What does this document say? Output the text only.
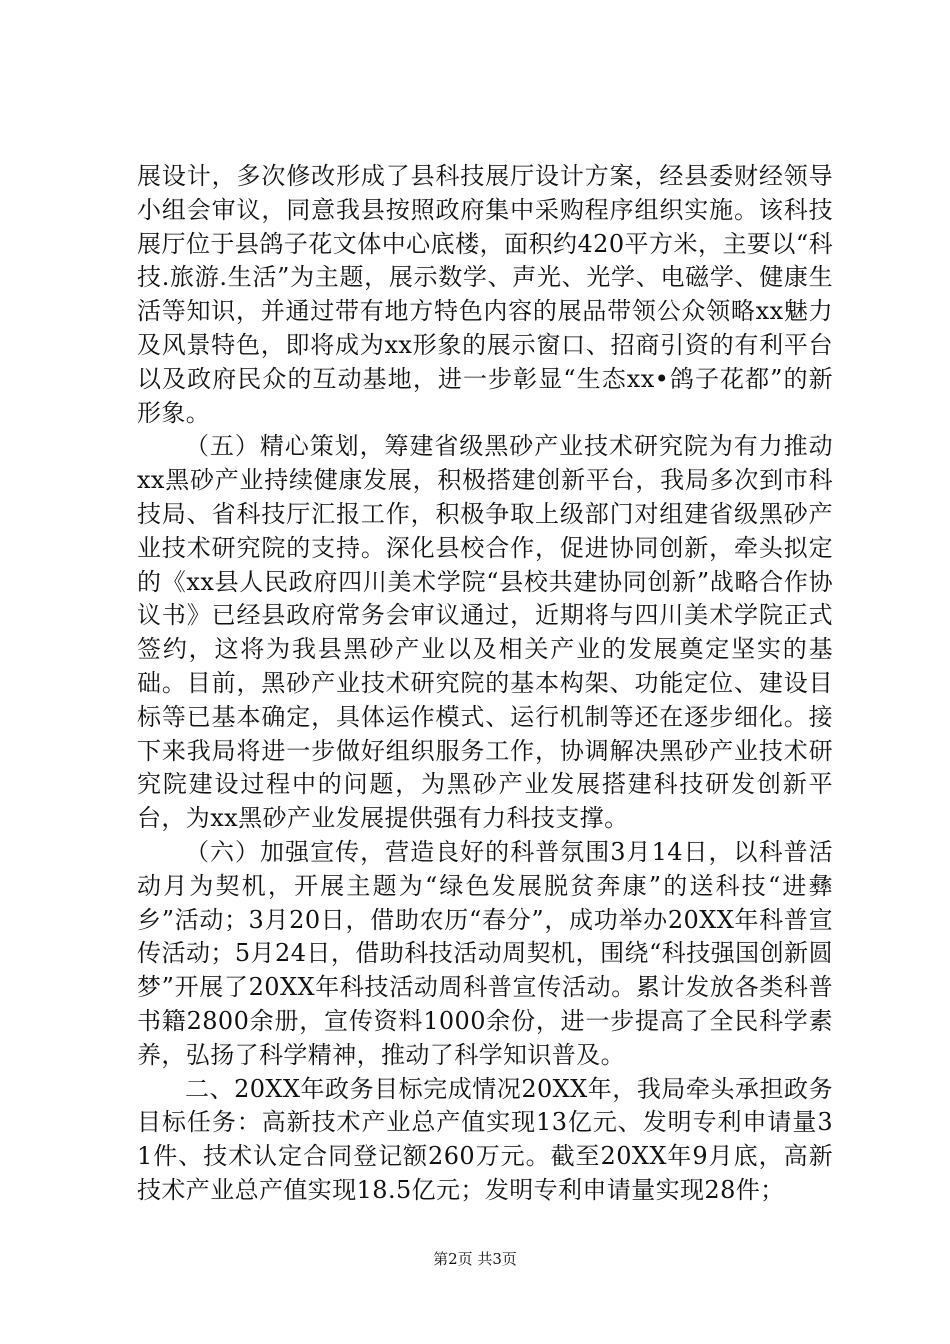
展设计，多次修改形成了县科技展厅设计方案，经县委财经领导小组会审议，同意我县按照政府集中采购程序组织实施。该科技展厅位于县鸽子花文体中心底楼，面积约420平方米，主要以“科技.旅游.生活”为主题，展示数学、声光、光学、电磁学、健康生活等知识，并通过带有地方特色内容的展品带领公众领略xx魅力及风景特色，即将成为xx形象的展示窗口、招商引资的有利平台以及政府民众的互动基地，进一步彰显“生态xx•鸽子花都”的新形象。

（五）精心策划，筹建省级黑砂产业技术研究院为有力推动xx黑砂产业持续健康发展，积极搭建创新平台，我局多次到市科技局、省科技厅汇报工作，积极争取上级部门对组建省级黑砂产业技术研究院的支持。深化县校合作，促进协同创新，牵头拟定的《xx县人民政府四川美术学院“县校共建协同创新”战略合作协议书》已经县政府常务会审议通过，近期将与四川美术学院正式签约，这将为我县黑砂产业以及相关产业的发展奠定坚实的基础。目前，黑砂产业技术研究院的基本构架、功能定位、建设目标等已基本确定，具体运作模式、运行机制等还在逐步细化。接下来我局将进一步做好组织服务工作，协调解决黑砂产业技术研究院建设过程中的问题，为黑砂产业发展搭建科技研发创新平台，为xx黑砂产业发展提供强有力科技支撑。

（六）加强宣传，营造良好的科普氛围3月14日，以科普活动月为契机，开展主题为“绿色发展脱贫奔康”的送科技“进彝乡”活动；3月20日，借助农历“春分”，成功举办20XX年科普宣传活动；5月24日，借助科技活动周契机，围绕“科技强国创新圆梦”开展了20XX年科技活动周科普宣传活动。累计发放各类科普书籍2800余册，宣传资料1000余份，进一步提高了全民科学素养，弘扬了科学精神，推动了科学知识普及。

二、20XX年政务目标完成情况20XX年，我局牵头承担政务目标任务：高新技术产业总产值实现13亿元、发明专利申请量31件、技术认定合同登记额260万元。截至20XX年9月底，高新技术产业总产值实现18.5亿元；发明专利申请量实现28件；

第2页 共3页
